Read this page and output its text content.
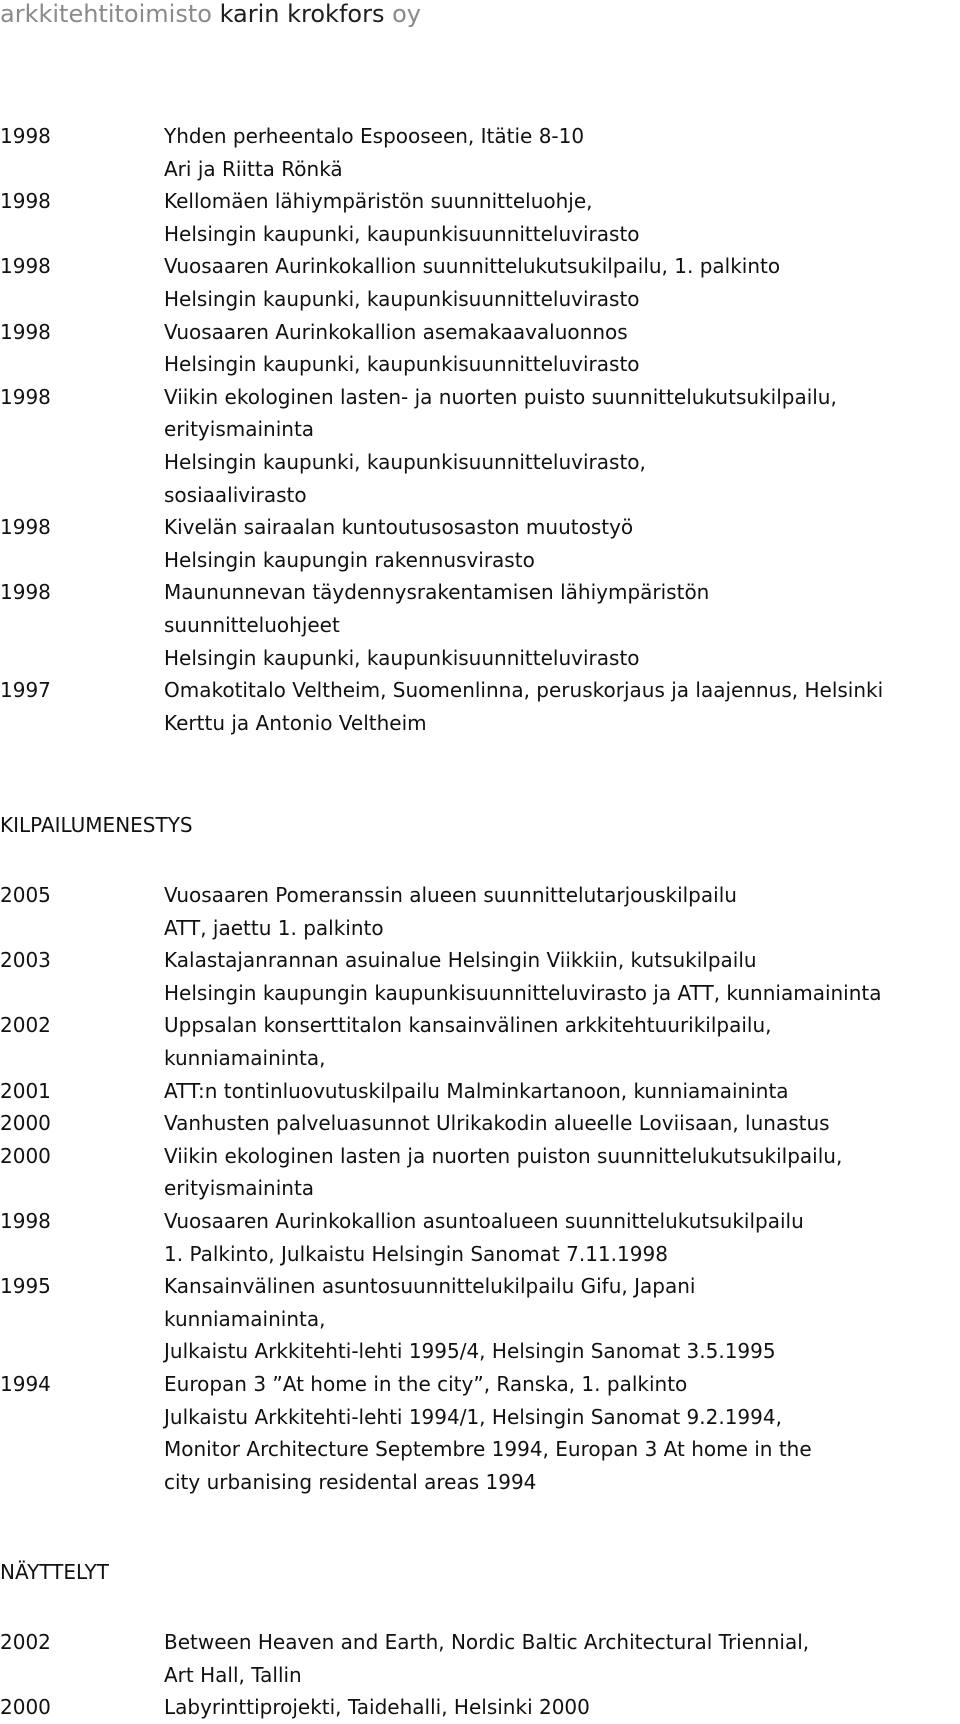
arkkitehtitoimisto karin krokfors oy
1998	Yhden perheentalo Espooseen, Itätie 8-10
Ari ja Riitta Rönkä
1998	Kellomäen lähiympäristön suunnitteluohje,
Helsingin kaupunki, kaupunkisuunnitteluvirasto
1998	Vuosaaren Aurinkokallion suunnittelukutsukilpailu, 1. palkinto
Helsingin kaupunki, kaupunkisuunnitteluvirasto
1998	Vuosaaren Aurinkokallion asemakaavaluonnos
Helsingin kaupunki, kaupunkisuunnitteluvirasto
1998	Viikin ekologinen lasten- ja nuorten puisto suunnittelukutsukilpailu,
erityismaininta
Helsingin kaupunki, kaupunkisuunnitteluvirasto,
sosiaalivirasto
1998	Kivelän sairaalan kuntoutusosaston muutostyö
Helsingin kaupungin rakennusvirasto
1998	Maununnevan täydennysrakentamisen lähiympäristön
suunnitteluohjeet
Helsingin kaupunki, kaupunkisuunnitteluvirasto
1997	Omakotitalo Veltheim, Suomenlinna, peruskorjaus ja laajennus, Helsinki
Kerttu ja Antonio Veltheim
KILPAILUMENESTYS
2005	Vuosaaren Pomeranssin alueen suunnittelutarjouskilpailu
ATT, jaettu 1. palkinto
2003	Kalastajanrannan asuinalue Helsingin Viikkiin, kutsukilpailu
Helsingin kaupungin kaupunkisuunnitteluvirasto ja ATT, kunniamaininta
2002	Uppsalan konserttitalon kansainvälinen arkkitehtuurikilpailu,
kunniamaininta,
2001	ATT:n tontinluovutuskilpailu Malminkartanoon, kunniamaininta
2000	Vanhusten palveluasunnot Ulrikakodin alueelle Loviisaan, lunastus
2000	Viikin ekologinen lasten ja nuorten puiston suunnittelukutsukilpailu,
erityismaininta
1998	Vuosaaren Aurinkokallion asuntoalueen suunnittelukutsukilpailu
1. Palkinto, Julkaistu Helsingin Sanomat 7.11.1998
1995	Kansainvälinen asuntosuunnittelukilpailu Gifu, Japani
kunniamaininta,
Julkaistu Arkkitehti-lehti 1995/4, Helsingin Sanomat 3.5.1995
1994	Europan 3 ”At home in the city”, Ranska, 1. palkinto
Julkaistu Arkkitehti-lehti 1994/1, Helsingin Sanomat 9.2.1994,
Monitor Architecture Septembre 1994, Europan 3 At home in the
city urbanising residental areas 1994
NÄYTTELYT
2002	Between Heaven and Earth, Nordic Baltic Architectural Triennial,
Art Hall, Tallin
2000	Labyrinttiprojekti, Taidehalli, Helsinki 2000
